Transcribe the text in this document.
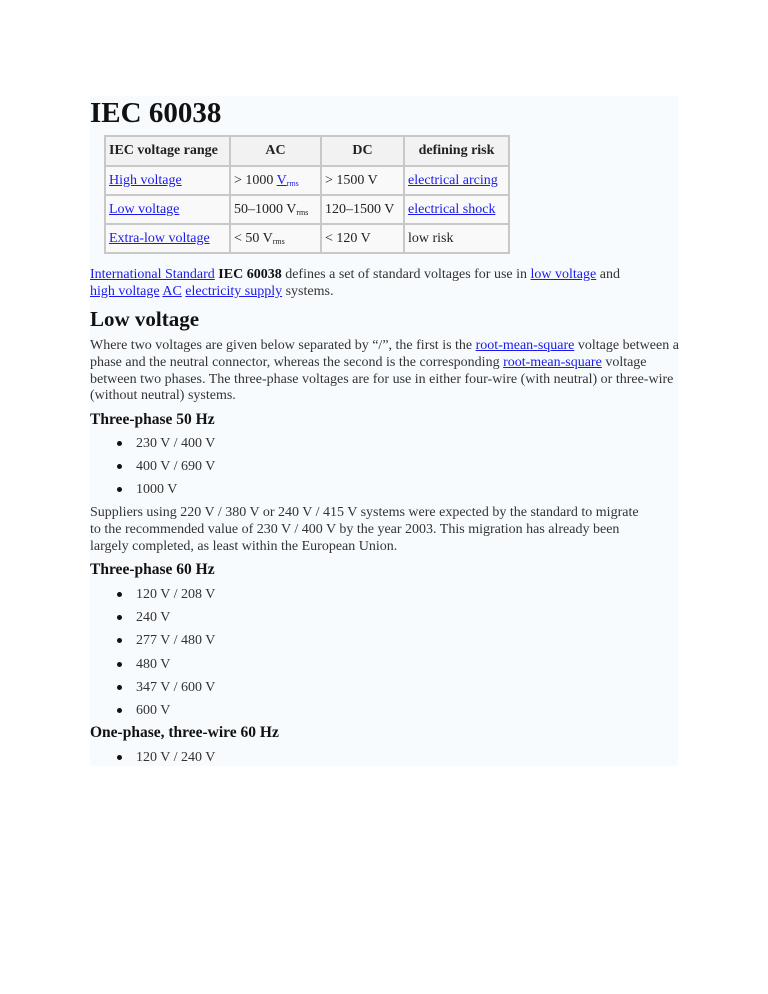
IEC 60038
IEC voltage range	AC	DC	defining risk
High voltage	> 1000 $V_{rms}$	> 1500 V	electrical arcing
Low voltage	50–1000 $V_{rms}$	120–1500 V	electrical shock
Extra-low voltage	< 50 $V_{rms}$	< 120 V	low risk

International Standard IEC 60038 defines a set of standard voltages for use in low voltage and
high voltage AC electricity supply systems.

Low voltage

Where two voltages are given below separated by “/”, the first is the root-mean-square voltage between a phase and the neutral connector, whereas the second is the corresponding root-mean-square voltage between two phases. The three-phase voltages are for use in either four-wire (with neutral) or three-wire (without neutral) systems.

Three-phase 50 Hz
230 V / 400 V
400 V / 690 V
1000 V

Suppliers using 220 V / 380 V or 240 V / 415 V systems were expected by the standard to migrate to the recommended value of 230 V / 400 V by the year 2003. This migration has already been largely completed, as least within the European Union.

Three-phase 60 Hz
120 V / 208 V
240 V
277 V / 480 V
480 V
347 V / 600 V
600 V
One-phase, three-wire 60 Hz
120 V / 240 V
